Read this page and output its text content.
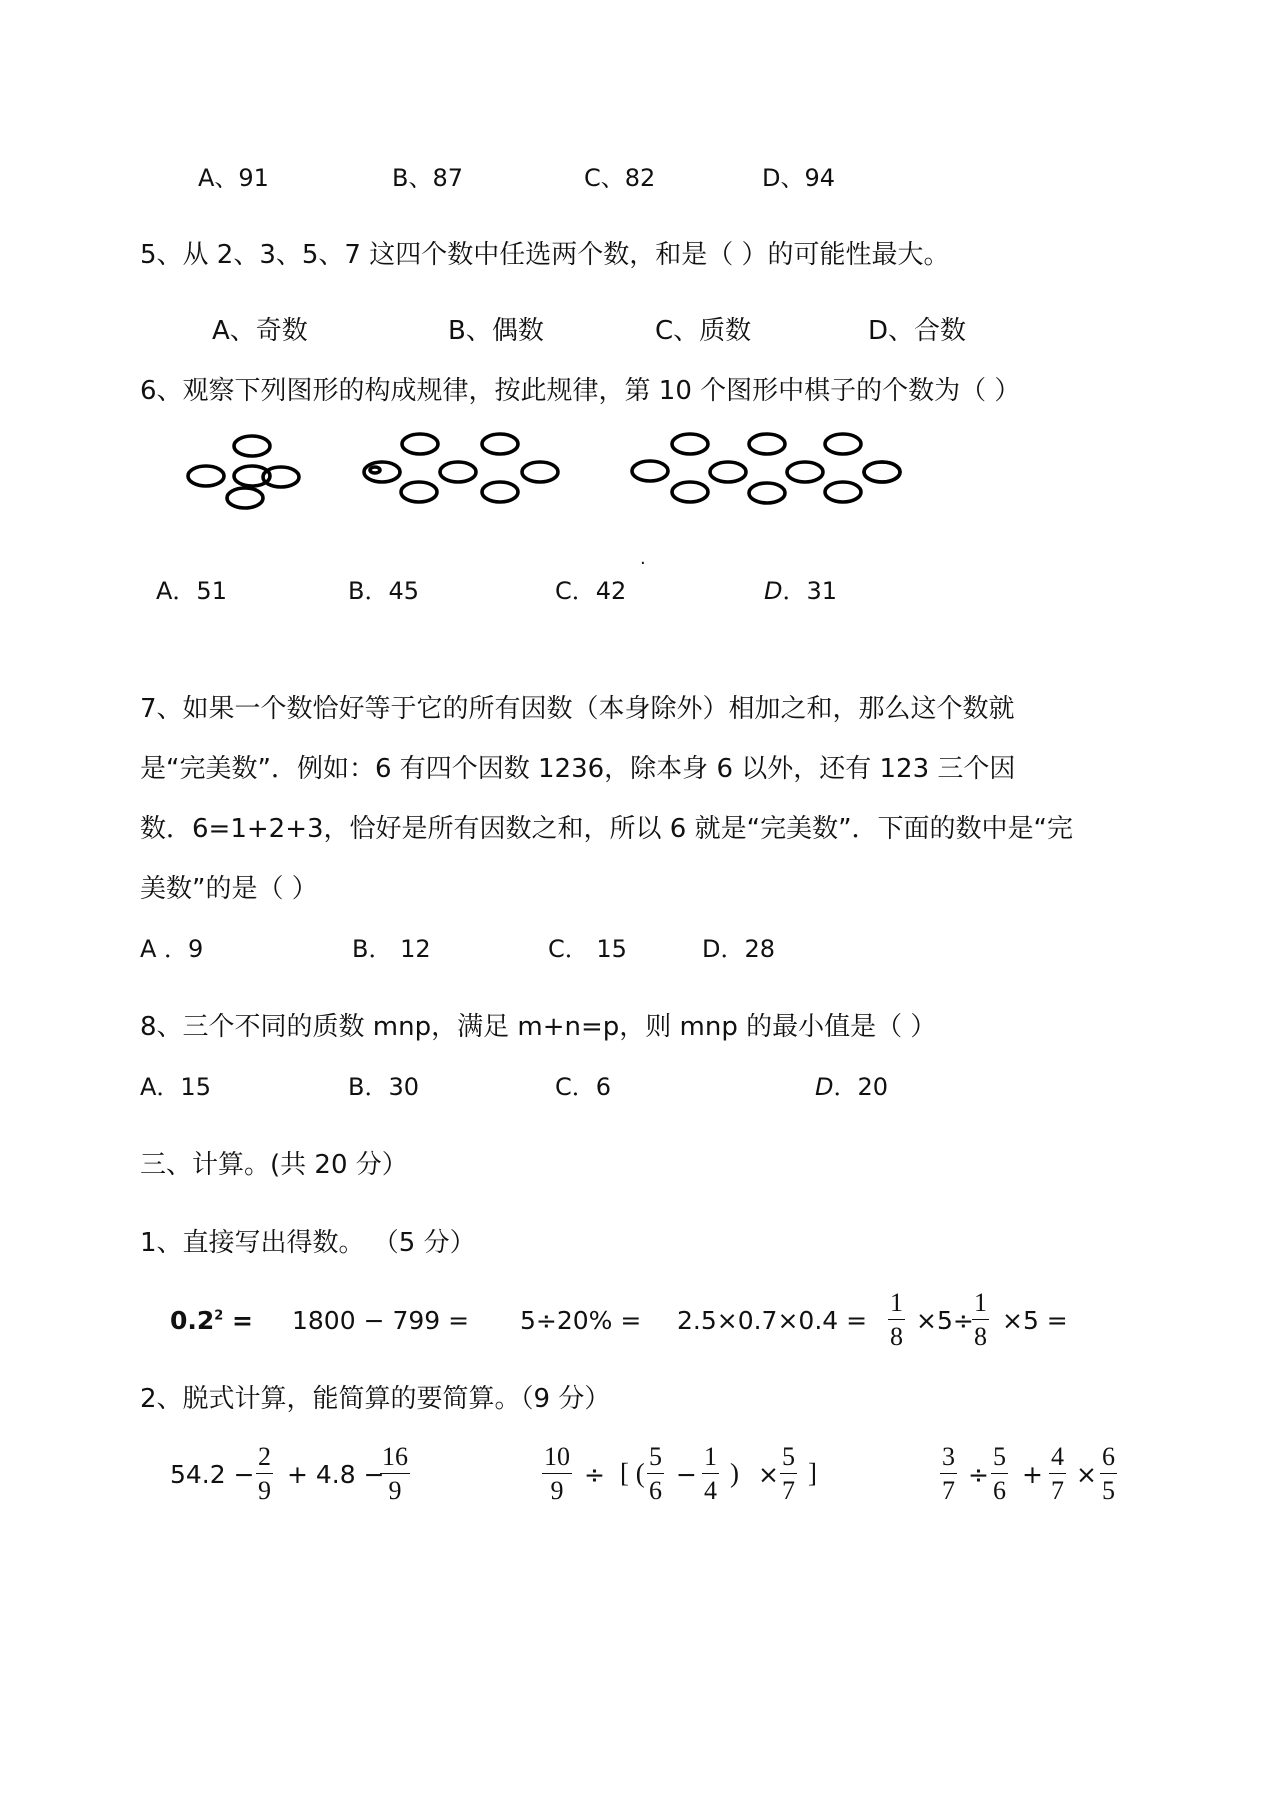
A、91	B、87	C、82	D、94
5、从 2、3、5、7 这四个数中任选两个数，和是（ ）的可能性最大。
A、奇数	B、偶数	C、质数	D、合数
6、观察下列图形的构成规律，按此规律，第 10 个图形中棋子的个数为（ ）
.
A．51	B．45	C．42	D．31
7、如果一个数恰好等于它的所有因数（本身除外）相加之和，那么这个数就
是“完美数”．例如：6 有四个因数 1236，除本身 6 以外，还有 123 三个因
数．6=1+2+3，恰好是所有因数之和，所以 6 就是“完美数”．下面的数中是“完
美数”的是（ ）
A ．9	B． 12	C． 15	D．28
8、三个不同的质数 mnp，满足 m+n=p，则 mnp 的最小值是（ ）
A．15	B．30	C．6	D．20
三、计算。(共 20 分）
1、直接写出得数。 （5 分）
$0.2^2 = 1800 - 799 = 5\div 20\% = 2.5\times 0.7\times 0.4 = \frac{1}{8} \times 5\div$
$\frac{1}{8} \times 5$ =
2、脱式计算，能简算的要简算。（9 分）
$54.2 - \frac{2}{9} + 4.8$ −
$\frac{16}{9}$	$\frac{10}{9}$ ÷ [ ( $\frac{5}{6} - \frac{1}{4}$ ) × $\frac{5}{7}$ ]	$\frac{3}{7} \div \frac{5}{6} + \frac{4}{7} \times \frac{6}{5}$
